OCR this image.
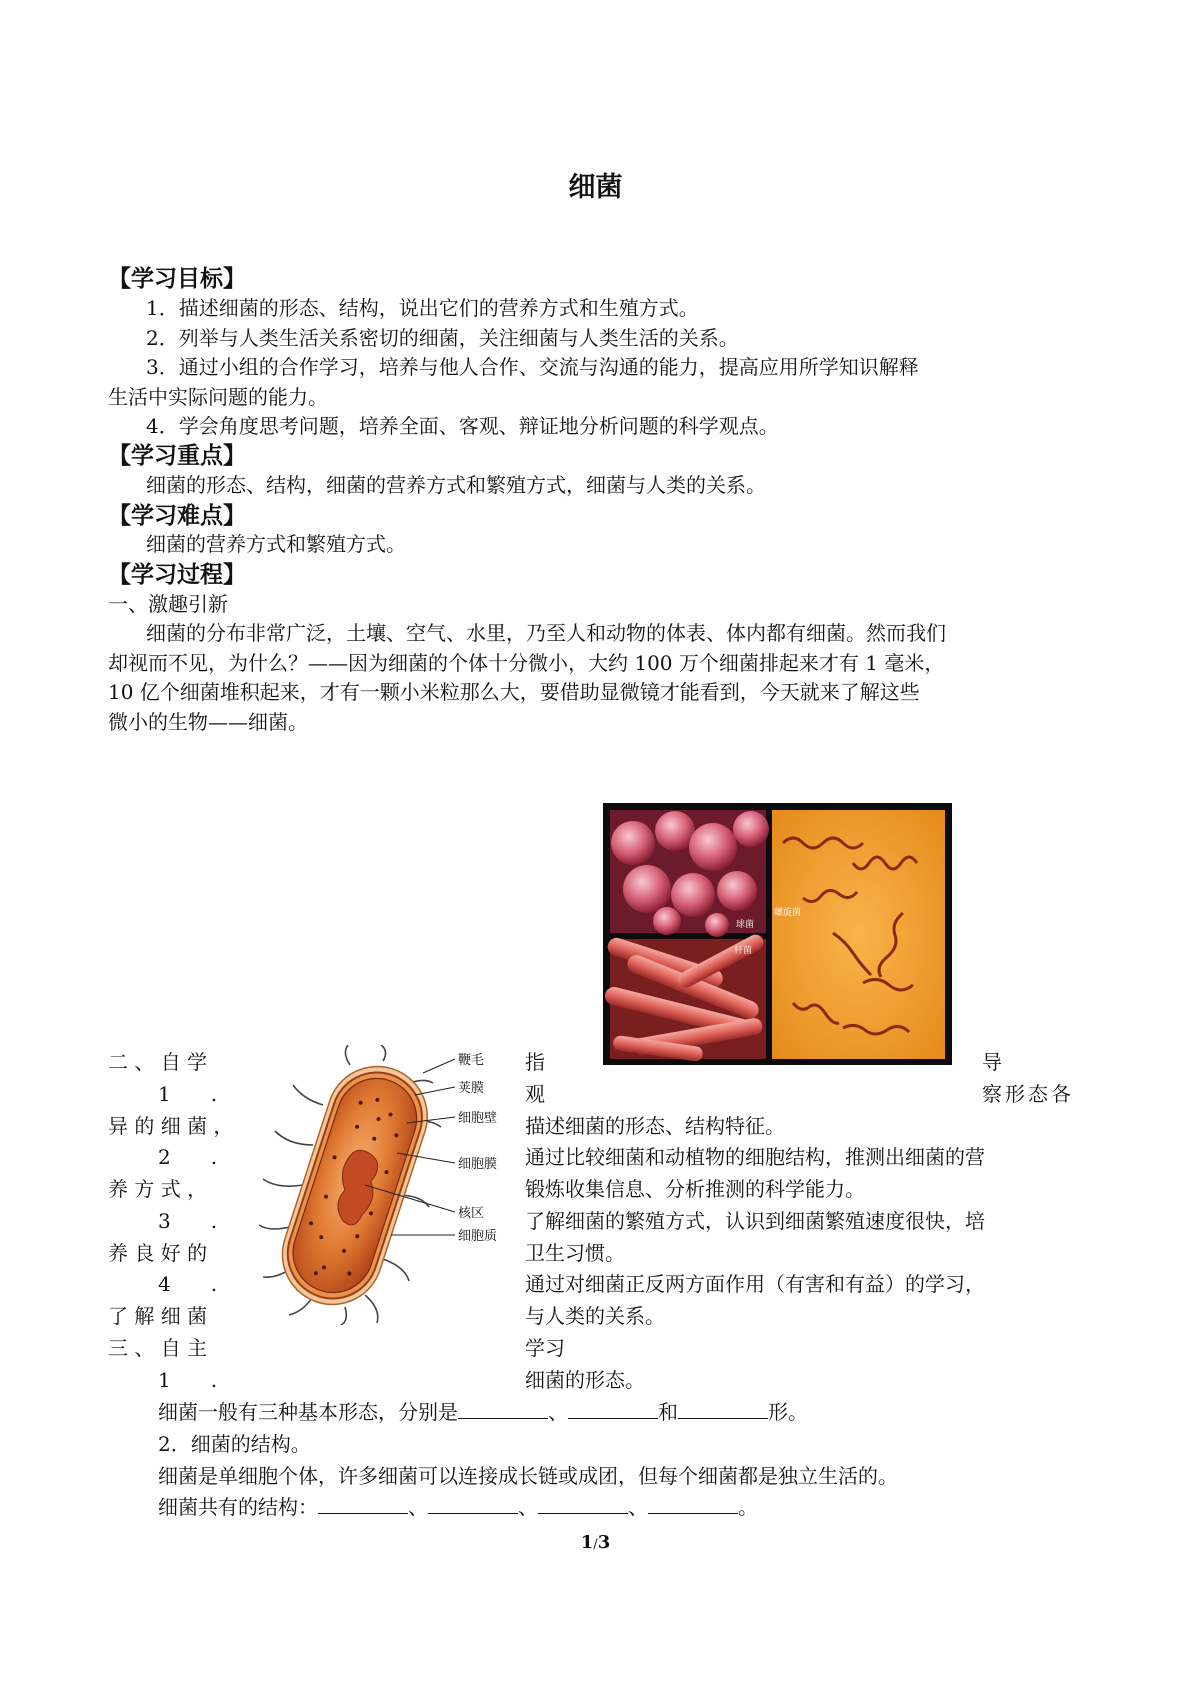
细菌
【学习目标】
1．描述细菌的形态、结构，说出它们的营养方式和生殖方式。
2．列举与人类生活关系密切的细菌，关注细菌与人类生活的关系。
3．通过小组的合作学习，培养与他人合作、交流与沟通的能力，提高应用所学知识解释
生活中实际问题的能力。
4．学会角度思考问题，培养全面、客观、辩证地分析问题的科学观点。
【学习重点】
细菌的形态、结构，细菌的营养方式和繁殖方式，细菌与人类的关系。
【学习难点】
细菌的营养方式和繁殖方式。
【学习过程】
一、激趣引新
细菌的分布非常广泛，土壤、空气、水里，乃至人和动物的体表、体内都有细菌。然而我们
却视而不见，为什么？——因为细菌的个体十分微小，大约 100 万个细菌排起来才有 1 毫米，
10 亿个细菌堆积起来，才有一颗小米粒那么大，要借助显微镜才能看到，今天就来了解这些
微小的生物——细菌。
球菌
杆菌
螺旋菌
鞭毛
荚膜
细胞壁
细胞膜
核区
细胞质
二 、 自 学	指	导
1　　.	观	察形态各
异 的 细 菌 ，	描述细菌的形态、结构特征。
2　　.	通过比较细菌和动植物的细胞结构，推测出细菌的营
养 方 式 ，	锻炼收集信息、分析推测的科学能力。
3　　.	了解细菌的繁殖方式，认识到细菌繁殖速度很快，培
养 良 好 的	卫生习惯。
4　　.	通过对细菌正反两方面作用（有害和有益）的学习，
了 解 细 菌	与人类的关系。
三 、 自 主	学习
1　　.	细菌的形态。
细菌一般有三种基本形态，分别是	、	和	形。
2．细菌的结构。
细菌是单细胞个体，许多细菌可以连接成长链或成团，但每个细菌都是独立生活的。
细菌共有的结构：	、	、	、	。
1/3
